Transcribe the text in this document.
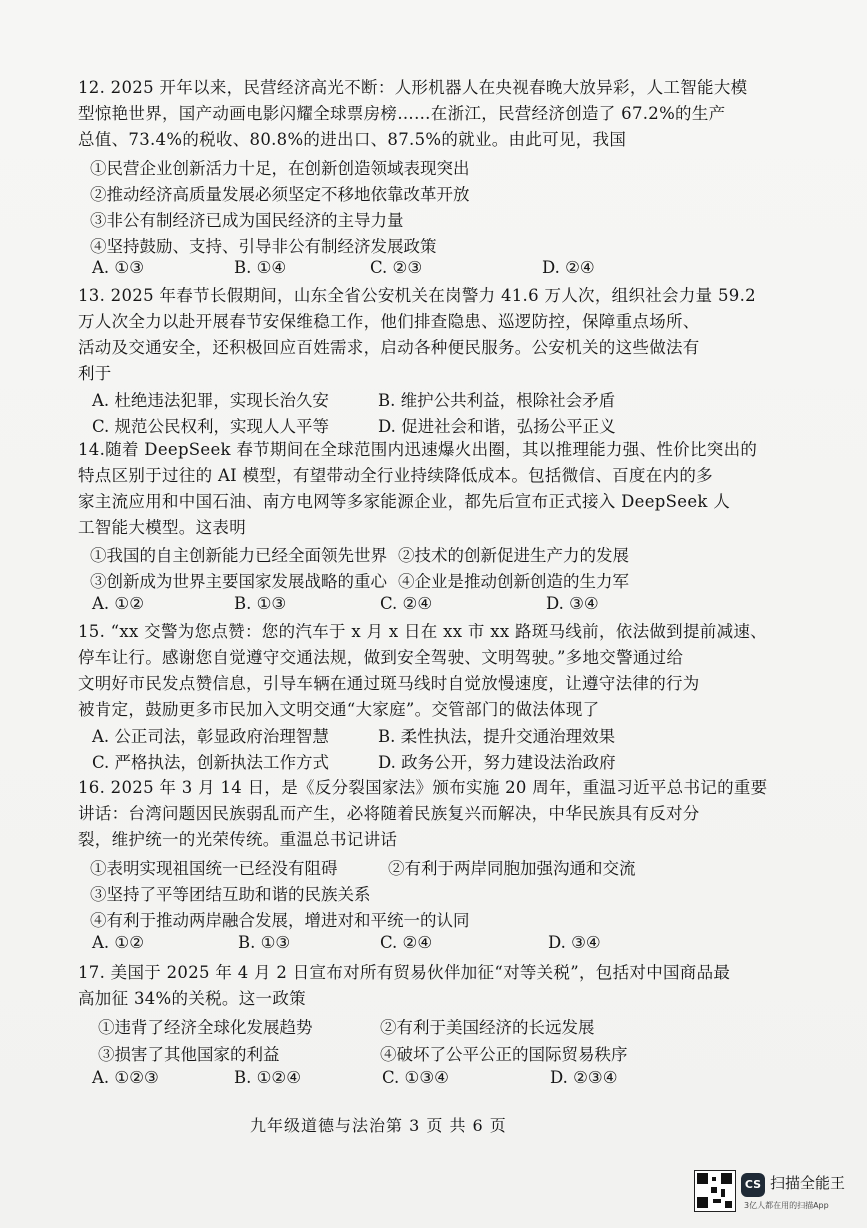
12. 2025 开年以来，民营经济高光不断：人形机器人在央视春晚大放异彩，人工智能大模
型惊艳世界，国产动画电影闪耀全球票房榜……在浙江，民营经济创造了 67.2%的生产
总值、73.4%的税收、80.8%的进出口、87.5%的就业。由此可见，我国
①民营企业创新活力十足，在创新创造领域表现突出
②推动经济高质量发展必须坚定不移地依靠改革开放
③非公有制经济已成为国民经济的主导力量
④坚持鼓励、支持、引导非公有制经济发展政策
A. ①③	B. ①④	C. ②③	D. ②④
13. 2025 年春节长假期间，山东全省公安机关在岗警力 41.6 万人次，组织社会力量 59.2
万人次全力以赴开展春节安保维稳工作，他们排查隐患、巡逻防控，保障重点场所、
活动及交通安全，还积极回应百姓需求，启动各种便民服务。公安机关的这些做法有
利于
A. 杜绝违法犯罪，实现长治久安	B. 维护公共利益，根除社会矛盾
C. 规范公民权利，实现人人平等	D. 促进社会和谐，弘扬公平正义
14.随着 DeepSeek 春节期间在全球范围内迅速爆火出圈，其以推理能力强、性价比突出的
特点区别于过往的 AI 模型，有望带动全行业持续降低成本。包括微信、百度在内的多
家主流应用和中国石油、南方电网等多家能源企业，都先后宣布正式接入 DeepSeek 人
工智能大模型。这表明
①我国的自主创新能力已经全面领先世界 ②技术的创新促进生产力的发展
③创新成为世界主要国家发展战略的重心 ④企业是推动创新创造的生力军
A. ①②	B. ①③	C. ②④	D. ③④
15. “xx 交警为您点赞：您的汽车于 x 月 x 日在 xx 市 xx 路斑马线前，依法做到提前减速、
停车让行。感谢您自觉遵守交通法规，做到安全驾驶、文明驾驶。”多地交警通过给
文明好市民发点赞信息，引导车辆在通过斑马线时自觉放慢速度，让遵守法律的行为
被肯定，鼓励更多市民加入文明交通“大家庭”。交管部门的做法体现了
A. 公正司法，彰显政府治理智慧	B. 柔性执法，提升交通治理效果
C. 严格执法，创新执法工作方式	D. 政务公开，努力建设法治政府
16. 2025 年 3 月 14 日，是《反分裂国家法》颁布实施 20 周年，重温习近平总书记的重要
讲话：台湾问题因民族弱乱而产生，必将随着民族复兴而解决，中华民族具有反对分
裂，维护统一的光荣传统。重温总书记讲话
①表明实现祖国统一已经没有阻碍	②有利于两岸同胞加强沟通和交流
③坚持了平等团结互助和谐的民族关系
④有利于推动两岸融合发展，增进对和平统一的认同
A. ①②	B. ①③	C. ②④	D. ③④
17. 美国于 2025 年 4 月 2 日宣布对所有贸易伙伴加征“对等关税”，包括对中国商品最
高加征 34%的关税。这一政策
①违背了经济全球化发展趋势	②有利于美国经济的长远发展
③损害了其他国家的利益	④破坏了公平公正的国际贸易秩序
A. ①②③	B. ①②④	C. ①③④	D. ②③④
九年级道德与法治第 3 页 共 6 页
CS 扫描全能王
3亿人都在用的扫描App
